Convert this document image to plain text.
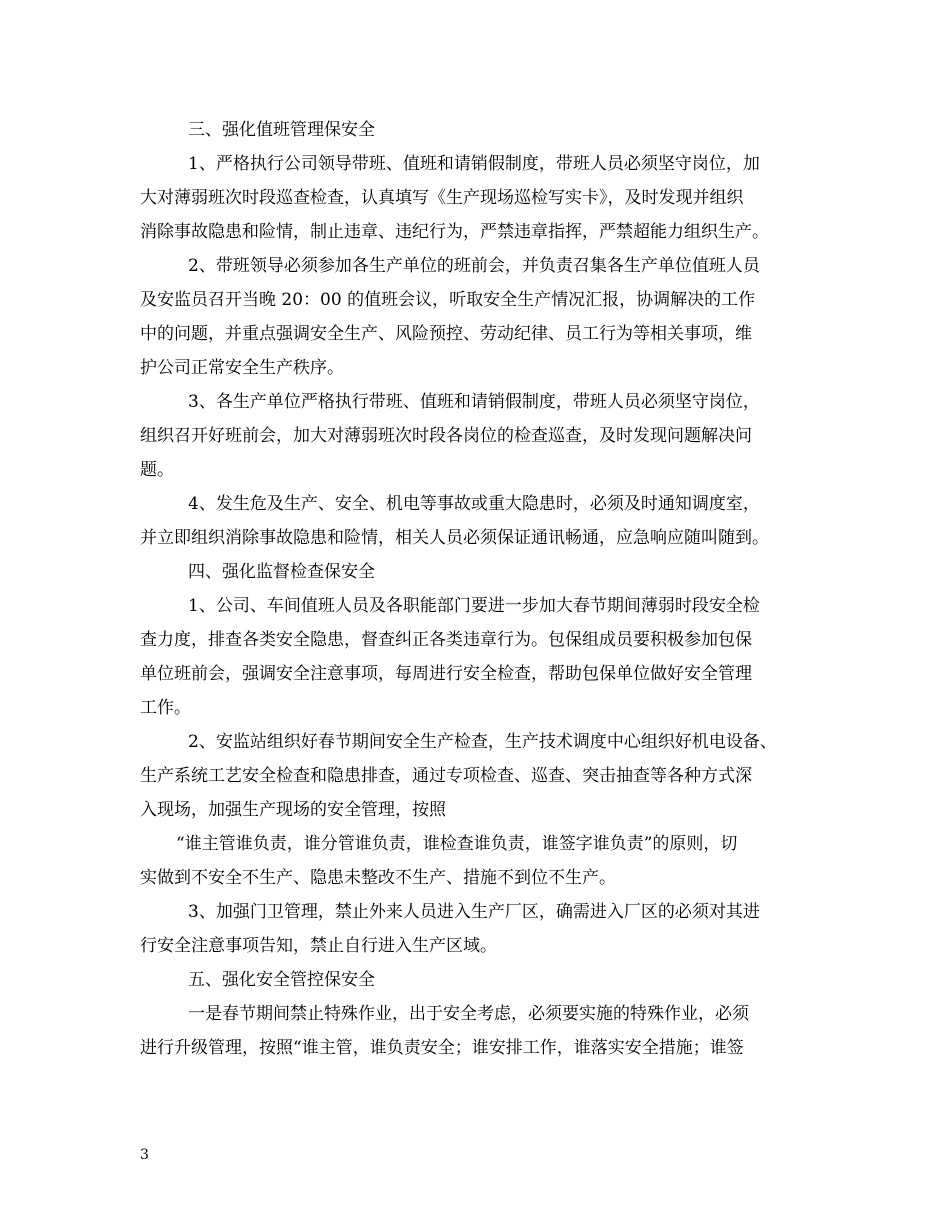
三、强化值班管理保安全
1、严格执行公司领导带班、值班和请销假制度，带班人员必须坚守岗位，加
大对薄弱班次时段巡查检查，认真填写《生产现场巡检写实卡》，及时发现并组织
消除事故隐患和险情，制止违章、违纪行为，严禁违章指挥，严禁超能力组织生产。
2、带班领导必须参加各生产单位的班前会，并负责召集各生产单位值班人员
及安监员召开当晚 20：00 的值班会议，听取安全生产情况汇报，协调解决的工作
中的问题，并重点强调安全生产、风险预控、劳动纪律、员工行为等相关事项，维
护公司正常安全生产秩序。
3、各生产单位严格执行带班、值班和请销假制度，带班人员必须坚守岗位，
组织召开好班前会，加大对薄弱班次时段各岗位的检查巡查，及时发现问题解决问
题。
4、发生危及生产、安全、机电等事故或重大隐患时，必须及时通知调度室，
并立即组织消除事故隐患和险情，相关人员必须保证通讯畅通，应急响应随叫随到。
四、强化监督检查保安全
1、公司、车间值班人员及各职能部门要进一步加大春节期间薄弱时段安全检
查力度，排查各类安全隐患，督查纠正各类违章行为。包保组成员要积极参加包保
单位班前会，强调安全注意事项，每周进行安全检查，帮助包保单位做好安全管理
工作。
2、安监站组织好春节期间安全生产检查，生产技术调度中心组织好机电设备、
生产系统工艺安全检查和隐患排查，通过专项检查、巡查、突击抽查等各种方式深
入现场，加强生产现场的安全管理，按照
“谁主管谁负责，谁分管谁负责，谁检查谁负责，谁签字谁负责”的原则，切
实做到不安全不生产、隐患未整改不生产、措施不到位不生产。
3、加强门卫管理，禁止外来人员进入生产厂区，确需进入厂区的必须对其进
行安全注意事项告知，禁止自行进入生产区域。
五、强化安全管控保安全
一是春节期间禁止特殊作业，出于安全考虑，必须要实施的特殊作业，必须
进行升级管理，按照“谁主管，谁负责安全；谁安排工作，谁落实安全措施；谁签
3
